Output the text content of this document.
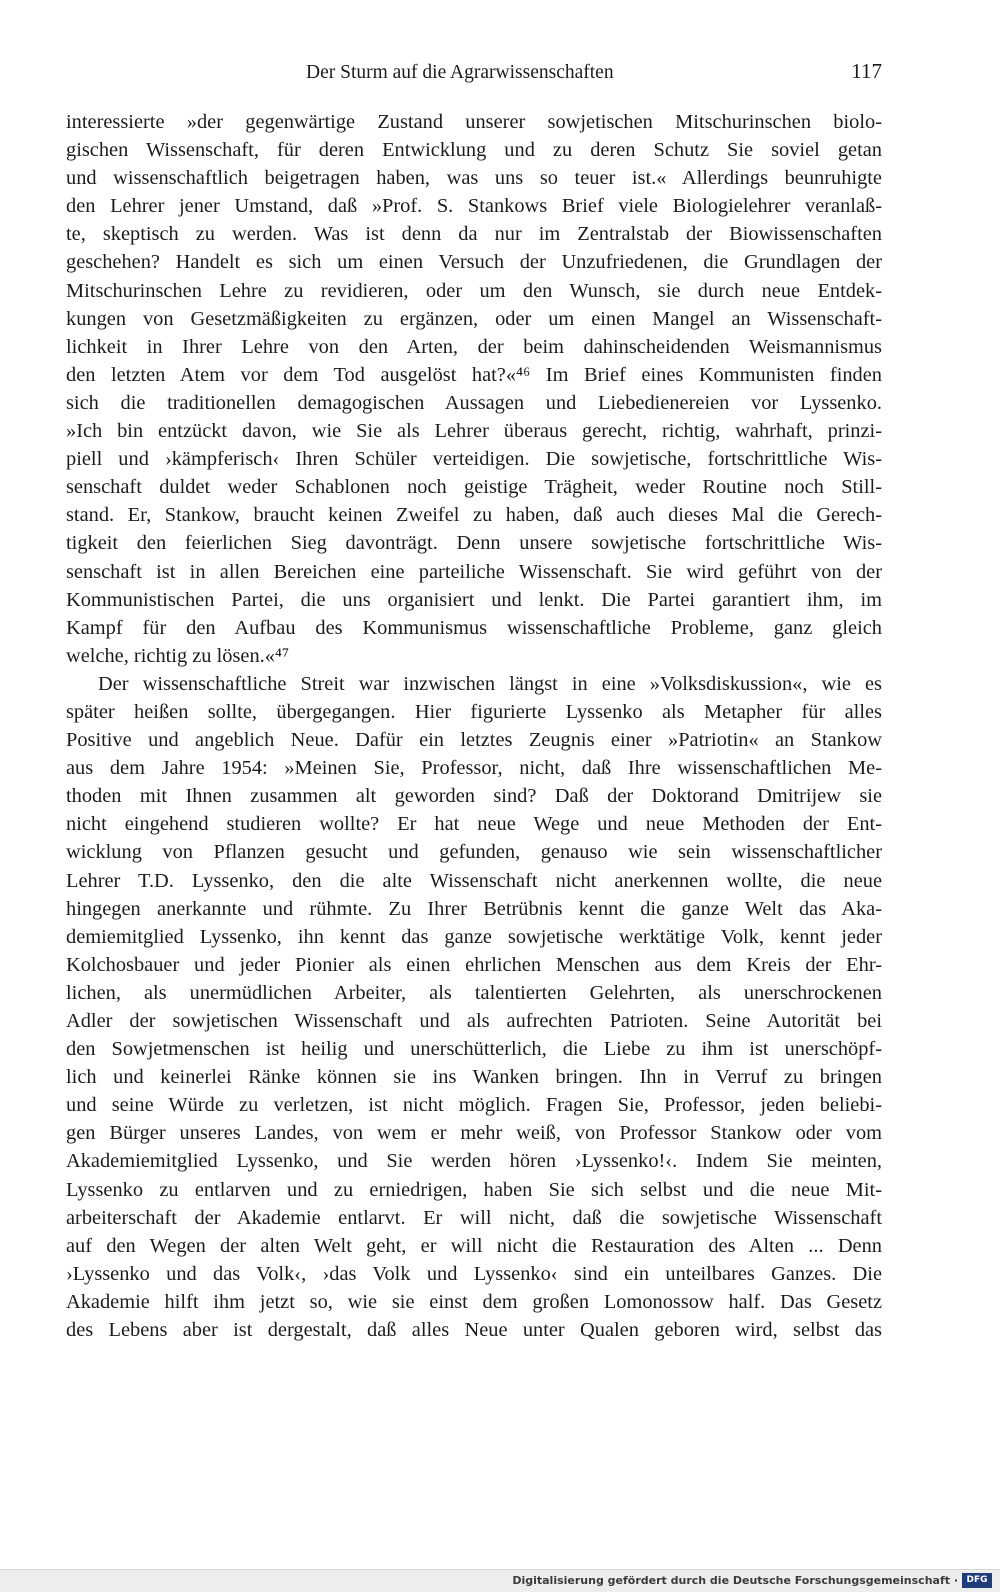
Der Sturm auf die Agrarwissenschaften	117
interessierte »der gegenwärtige Zustand unserer sowjetischen Mitschurinschen biolo-
gischen Wissenschaft, für deren Entwicklung und zu deren Schutz Sie soviel getan
und wissenschaftlich beigetragen haben, was uns so teuer ist.« Allerdings beunruhigte
den Lehrer jener Umstand, daß »Prof. S. Stankows Brief viele Biologielehrer veranlaß-
te, skeptisch zu werden. Was ist denn da nur im Zentralstab der Biowissenschaften
geschehen? Handelt es sich um einen Versuch der Unzufriedenen, die Grundlagen der
Mitschurinschen Lehre zu revidieren, oder um den Wunsch, sie durch neue Entdek-
kungen von Gesetzmäßigkeiten zu ergänzen, oder um einen Mangel an Wissenschaft-
lichkeit in Ihrer Lehre von den Arten, der beim dahinscheidenden Weismannismus
den letzten Atem vor dem Tod ausgelöst hat?«⁴⁶ Im Brief eines Kommunisten finden
sich die traditionellen demagogischen Aussagen und Liebedienereien vor Lyssenko.
»Ich bin entzückt davon, wie Sie als Lehrer überaus gerecht, richtig, wahrhaft, prinzi-
piell und ›kämpferisch‹ Ihren Schüler verteidigen. Die sowjetische, fortschrittliche Wis-
senschaft duldet weder Schablonen noch geistige Trägheit, weder Routine noch Still-
stand. Er, Stankow, braucht keinen Zweifel zu haben, daß auch dieses Mal die Gerech-
tigkeit den feierlichen Sieg davonträgt. Denn unsere sowjetische fortschrittliche Wis-
senschaft ist in allen Bereichen eine parteiliche Wissenschaft. Sie wird geführt von der
Kommunistischen Partei, die uns organisiert und lenkt. Die Partei garantiert ihm, im
Kampf für den Aufbau des Kommunismus wissenschaftliche Probleme, ganz gleich
welche, richtig zu lösen.«⁴⁷
Der wissenschaftliche Streit war inzwischen längst in eine »Volksdiskussion«, wie es
später heißen sollte, übergegangen. Hier figurierte Lyssenko als Metapher für alles
Positive und angeblich Neue. Dafür ein letztes Zeugnis einer »Patriotin« an Stankow
aus dem Jahre 1954: »Meinen Sie, Professor, nicht, daß Ihre wissenschaftlichen Me-
thoden mit Ihnen zusammen alt geworden sind? Daß der Doktorand Dmitrijew sie
nicht eingehend studieren wollte? Er hat neue Wege und neue Methoden der Ent-
wicklung von Pflanzen gesucht und gefunden, genauso wie sein wissenschaftlicher
Lehrer T.D. Lyssenko, den die alte Wissenschaft nicht anerkennen wollte, die neue
hingegen anerkannte und rühmte. Zu Ihrer Betrübnis kennt die ganze Welt das Aka-
demiemitglied Lyssenko, ihn kennt das ganze sowjetische werktätige Volk, kennt jeder
Kolchosbauer und jeder Pionier als einen ehrlichen Menschen aus dem Kreis der Ehr-
lichen, als unermüdlichen Arbeiter, als talentierten Gelehrten, als unerschrockenen
Adler der sowjetischen Wissenschaft und als aufrechten Patrioten. Seine Autorität bei
den Sowjetmenschen ist heilig und unerschütterlich, die Liebe zu ihm ist unerschöpf-
lich und keinerlei Ränke können sie ins Wanken bringen. Ihn in Verruf zu bringen
und seine Würde zu verletzen, ist nicht möglich. Fragen Sie, Professor, jeden beliebi-
gen Bürger unseres Landes, von wem er mehr weiß, von Professor Stankow oder vom
Akademiemitglied Lyssenko, und Sie werden hören ›Lyssenko!‹. Indem Sie meinten,
Lyssenko zu entlarven und zu erniedrigen, haben Sie sich selbst und die neue Mit-
arbeiterschaft der Akademie entlarvt. Er will nicht, daß die sowjetische Wissenschaft
auf den Wegen der alten Welt geht, er will nicht die Restauration des Alten ... Denn
›Lyssenko und das Volk‹, ›das Volk und Lyssenko‹ sind ein unteilbares Ganzes. Die
Akademie hilft ihm jetzt so, wie sie einst dem großen Lomonossow half. Das Gesetz
des Lebens aber ist dergestalt, daß alles Neue unter Qualen geboren wird, selbst das
Digitalisierung gefördert durch die Deutsche Forschungsgemeinschaft · DFG
